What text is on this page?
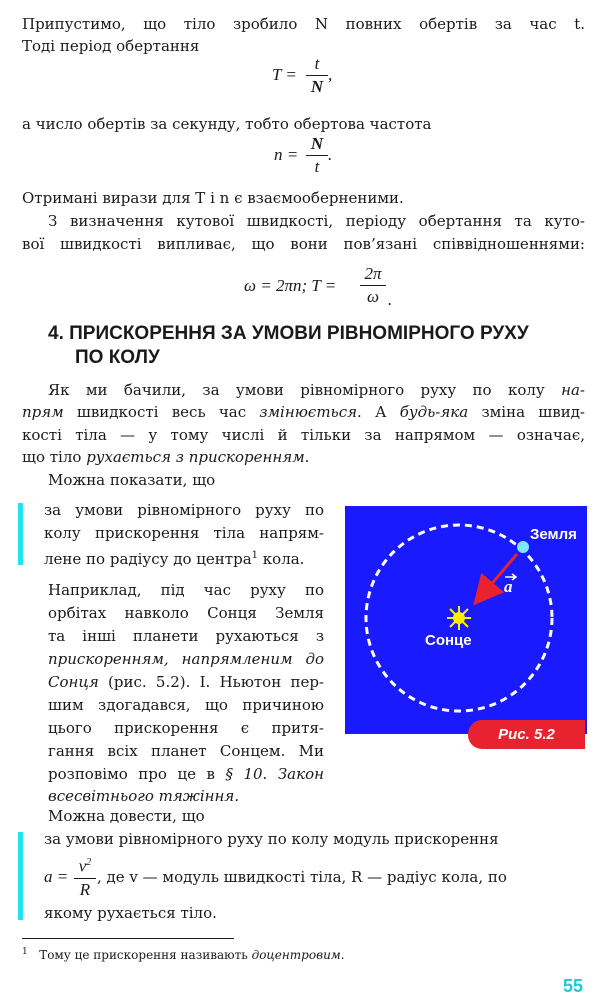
Припустимо, що тіло зробило N повних обертів за час t.
Тоді період обертання
T =
t
N
,
а число обертів за секунду, тобто обертова частота
n =
N
t
.
Отримані вирази для T і n є взаємооберненими.
З визначення кутової швидкості, періоду обертання та куто-
вої швидкості випливає, що вони пов’язані співвідношеннями:
ω = 2πn; T =
2π
ω .
4. ПРИСКОРЕННЯ ЗА УМОВИ РІВНОМІРНОГО РУХУ
ПО КОЛУ
Як ми бачили, за умови рівномірного руху по колу на-
прям швидкості весь час змінюється. А будь-яка зміна швид-
кості тіла — у тому числі й тільки за напрямом — означає,
що тіло рухається з прискоренням.
Можна показати, що
за умови рівномірного руху по
колу прискорення тіла напрям-
лене по радіусу до центра$^1$ кола.
Наприклад, під час руху по
орбітах навколо Сонця Земля
та інші планети рухаються з
прискоренням, напрямленим до
Сонця (рис. 5.2). І. Ньютон пер-
шим здогадався, що причиною
цього прискорення є притя-
гання всіх планет Сонцем. Ми
розповімо про це в § 10. Закон
всесвітнього тяжіння.
Земля
Сонце
a
Рис. 5.2
Можна довести, що
за умови рівномірного руху по колу модуль прискорення
a =
$v^2$
R
, де v — модуль швидкості тіла, R — радіус кола, по
якому рухається тіло.
$^1$ Тому це прискорення називають доцентровим.
55
